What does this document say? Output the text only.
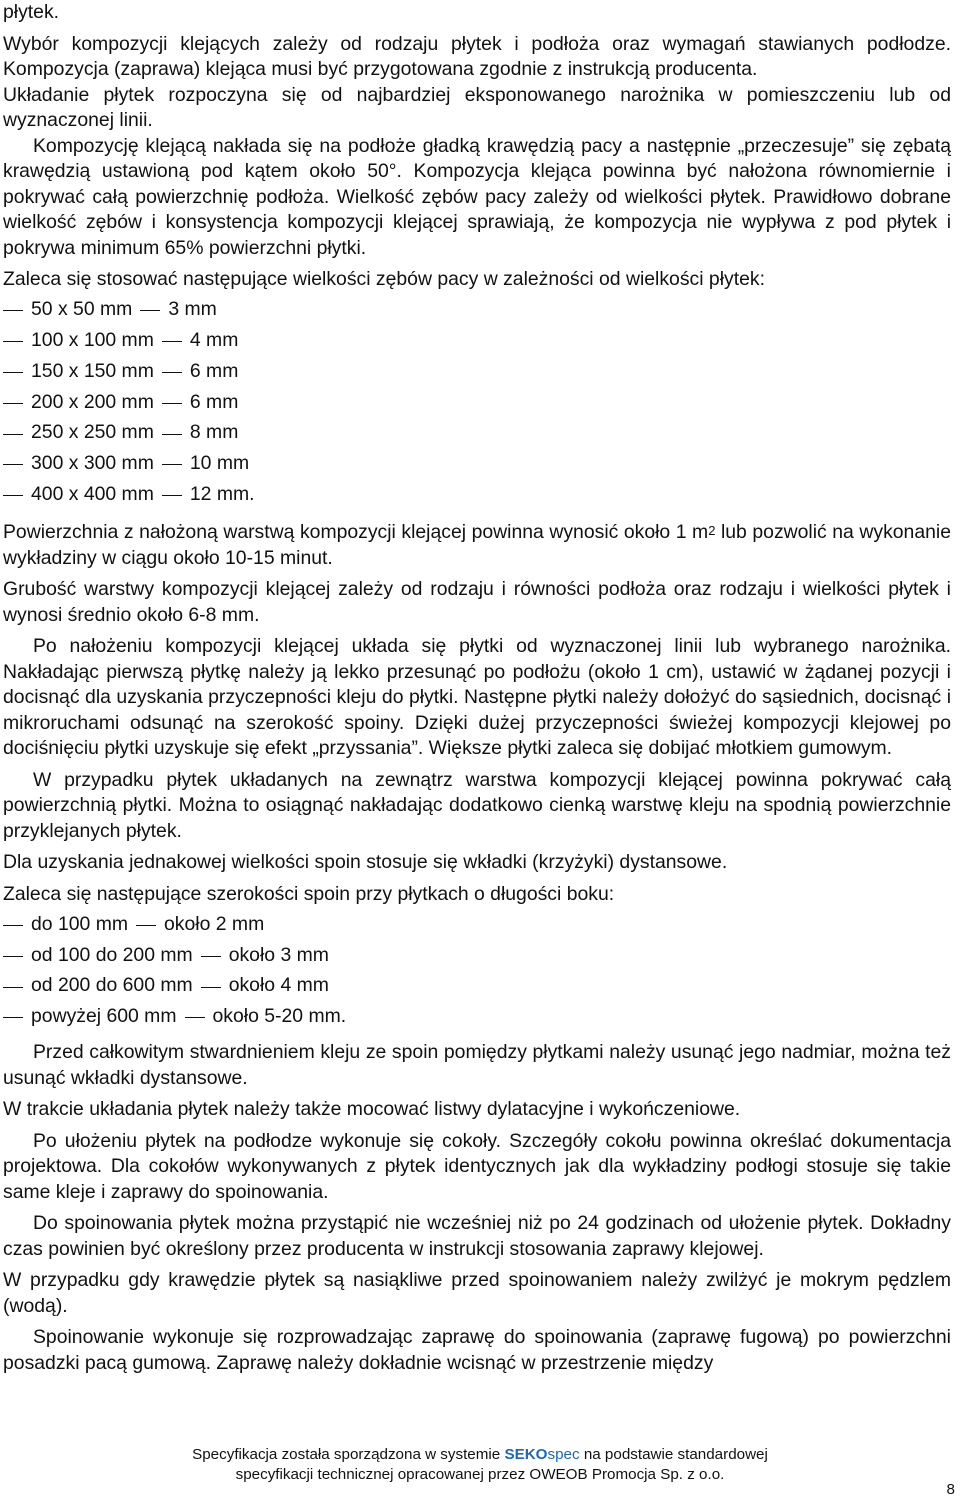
płytek.

Wybór kompozycji klejących zależy od rodzaju płytek i podłoża oraz wymagań stawianych podłodze. Kompozycja (zaprawa) klejąca musi być przygotowana zgodnie z instrukcją producenta.

Układanie płytek rozpoczyna się od najbardziej eksponowanego narożnika w pomieszczeniu lub od wyznaczonej linii.

Kompozycję klejącą nakłada się na podłoże gładką krawędzią pacy a następnie „przeczesuje” się zębatą krawędzią ustawioną pod kątem około 50°. Kompozycja klejąca powinna być nałożona równomiernie i pokrywać całą powierzchnię podłoża. Wielkość zębów pacy zależy od wielkości płytek. Prawidłowo dobrane wielkość zębów i konsystencja kompozycji klejącej sprawiają, że kompozycja nie wypływa z pod płytek i pokrywa minimum 65% powierzchni płytki.

Zaleca się stosować następujące wielkości zębów pacy w zależności od wielkości płytek:

50 x 50 mm 3 mm
100 x 100 mm 4 mm
150 x 150 mm 6 mm
200 x 200 mm 6 mm
250 x 250 mm 8 mm
300 x 300 mm 10 mm
400 x 400 mm 12 mm.

Powierzchnia z nałożoną warstwą kompozycji klejącej powinna wynosić około 1 $m^2$ lub pozwolić na wykonanie wykładziny w ciągu około 10-15 minut.

Grubość warstwy kompozycji klejącej zależy od rodzaju i równości podłoża oraz rodzaju i wielkości płytek i wynosi średnio około 6-8 mm.

Po nałożeniu kompozycji klejącej układa się płytki od wyznaczonej linii lub wybranego narożnika. Nakładając pierwszą płytkę należy ją lekko przesunąć po podłożu (około 1 cm), ustawić w żądanej pozycji i docisnąć dla uzyskania przyczepności kleju do płytki. Następne płytki należy dołożyć do sąsiednich, docisnąć i mikroruchami odsunąć na szerokość spoiny. Dzięki dużej przyczepności świeżej kompozycji klejowej po dociśnięciu płytki uzyskuje się efekt „przyssania”. Większe płytki zaleca się dobijać młotkiem gumowym.

W przypadku płytek układanych na zewnątrz warstwa kompozycji klejącej powinna pokrywać całą powierzchnią płytki. Można to osiągnąć nakładając dodatkowo cienką warstwę kleju na spodnią powierzchnie przyklejanych płytek.

Dla uzyskania jednakowej wielkości spoin stosuje się wkładki (krzyżyki) dystansowe.

Zaleca się następujące szerokości spoin przy płytkach o długości boku:

do 100 mm około 2 mm
od 100 do 200 mm około 3 mm
od 200 do 600 mm około 4 mm
powyżej 600 mm około 5-20 mm.

Przed całkowitym stwardnieniem kleju ze spoin pomiędzy płytkami należy usunąć jego nadmiar, można też usunąć wkładki dystansowe.

W trakcie układania płytek należy także mocować listwy dylatacyjne i wykończeniowe.

Po ułożeniu płytek na podłodze wykonuje się cokoły. Szczegóły cokołu powinna określać dokumentacja projektowa. Dla cokołów wykonywanych z płytek identycznych jak dla wykładziny podłogi stosuje się takie same kleje i zaprawy do spoinowania.

Do spoinowania płytek można przystąpić nie wcześniej niż po 24 godzinach od ułożenie płytek. Dokładny czas powinien być określony przez producenta w instrukcji stosowania zaprawy klejowej.

W przypadku gdy krawędzie płytek są nasiąkliwe przed spoinowaniem należy zwilżyć je mokrym pędzlem (wodą).

Spoinowanie wykonuje się rozprowadzając zaprawę do spoinowania (zaprawę fugową) po powierzchni posadzki pacą gumową. Zaprawę należy dokładnie wcisnąć w przestrzenie między

Specyfikacja została sporządzona w systemie SEKOspec na podstawie standardowej
specyfikacji technicznej opracowanej przez OWEOB Promocja Sp. z o.o.
8
